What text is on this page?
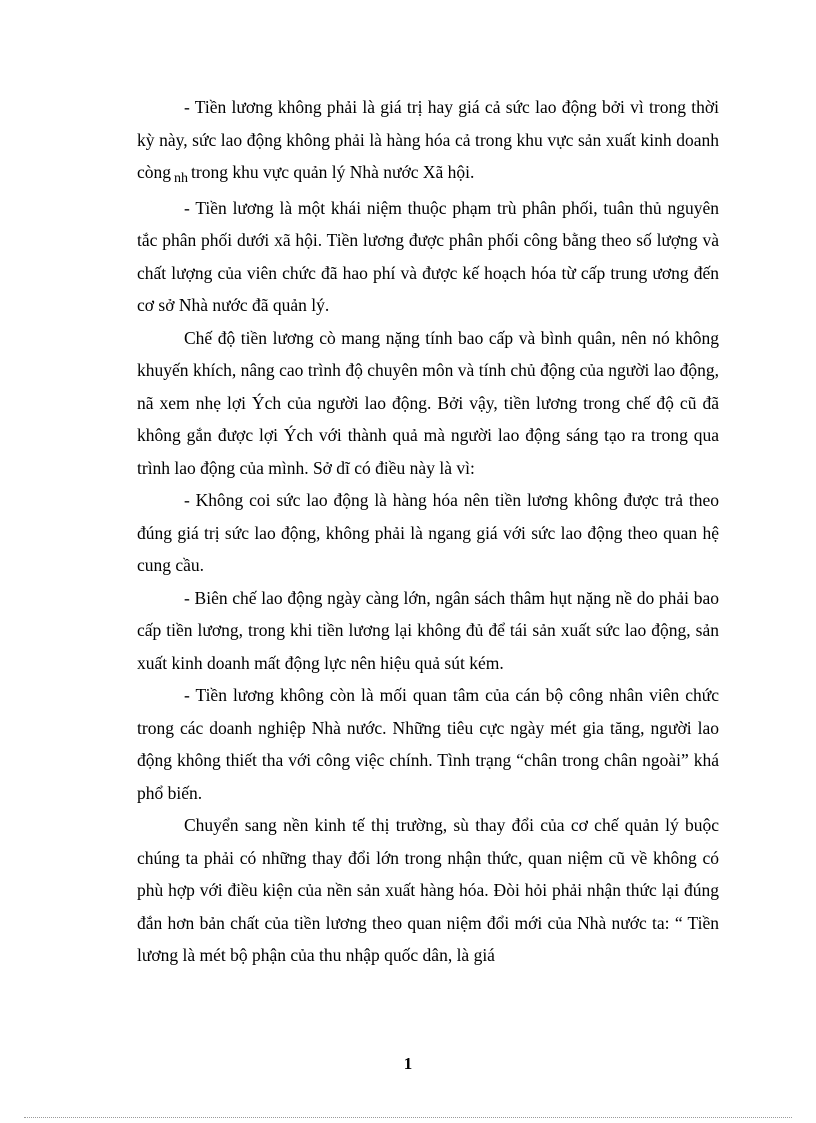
- Tiền lương không phải là giá trị hay giá cả sức lao động bởi vì trong thời kỳ này, sức lao động không phải là hàng hóa cả trong khu vực sản xuất kinh doanh còng $_{nh}$ trong khu vực quản lý Nhà nước Xã hội.

- Tiền lương là một khái niệm thuộc phạm trù phân phối, tuân thủ nguyên tắc phân phối dưới xã hội. Tiền lương được phân phối công bằng theo số lượng và chất lượng của viên chức đã hao phí và được kế hoạch hóa từ cấp trung ương đến cơ sở Nhà nước đã quản lý.

Chế độ tiền lương cò mang nặng tính bao cấp và bình quân, nên nó không khuyến khích, nâng cao trình độ chuyên môn và tính chủ động của người lao động, nã xem nhẹ lợi Ých của người lao động. Bởi vậy, tiền lương trong chế độ cũ đã không gắn được lợi Ých với thành quả mà người lao động sáng tạo ra trong qua trình lao động của mình. Sở dĩ có điều này là vì:

- Không coi sức lao động là hàng hóa nên tiền lương không được trả theo đúng giá trị sức lao động, không phải là ngang giá với sức lao động theo quan hệ cung cầu.

- Biên chế lao động ngày càng lớn, ngân sách thâm hụt nặng nề do phải bao cấp tiền lương, trong khi tiền lương lại không đủ để tái sản xuất sức lao động, sản xuất kinh doanh mất động lực nên hiệu quả sút kém.

- Tiền lương không còn là mối quan tâm của cán bộ công nhân viên chức trong các doanh nghiệp Nhà nước. Những tiêu cực ngày mét gia tăng, người lao động không thiết tha với công việc chính. Tình trạng “chân trong chân ngoài” khá phổ biến.

Chuyển sang nền kinh tế thị trường, sù thay đổi của cơ chế quản lý buộc chúng ta phải có những thay đổi lớn trong nhận thức, quan niệm cũ về không có phù hợp với điều kiện của nền sản xuất hàng hóa. Đòi hỏi phải nhận thức lại đúng đắn hơn bản chất của tiền lương theo quan niệm đổi mới của Nhà nước ta: “ Tiền lương là mét bộ phận của thu nhập quốc dân, là giá

1
